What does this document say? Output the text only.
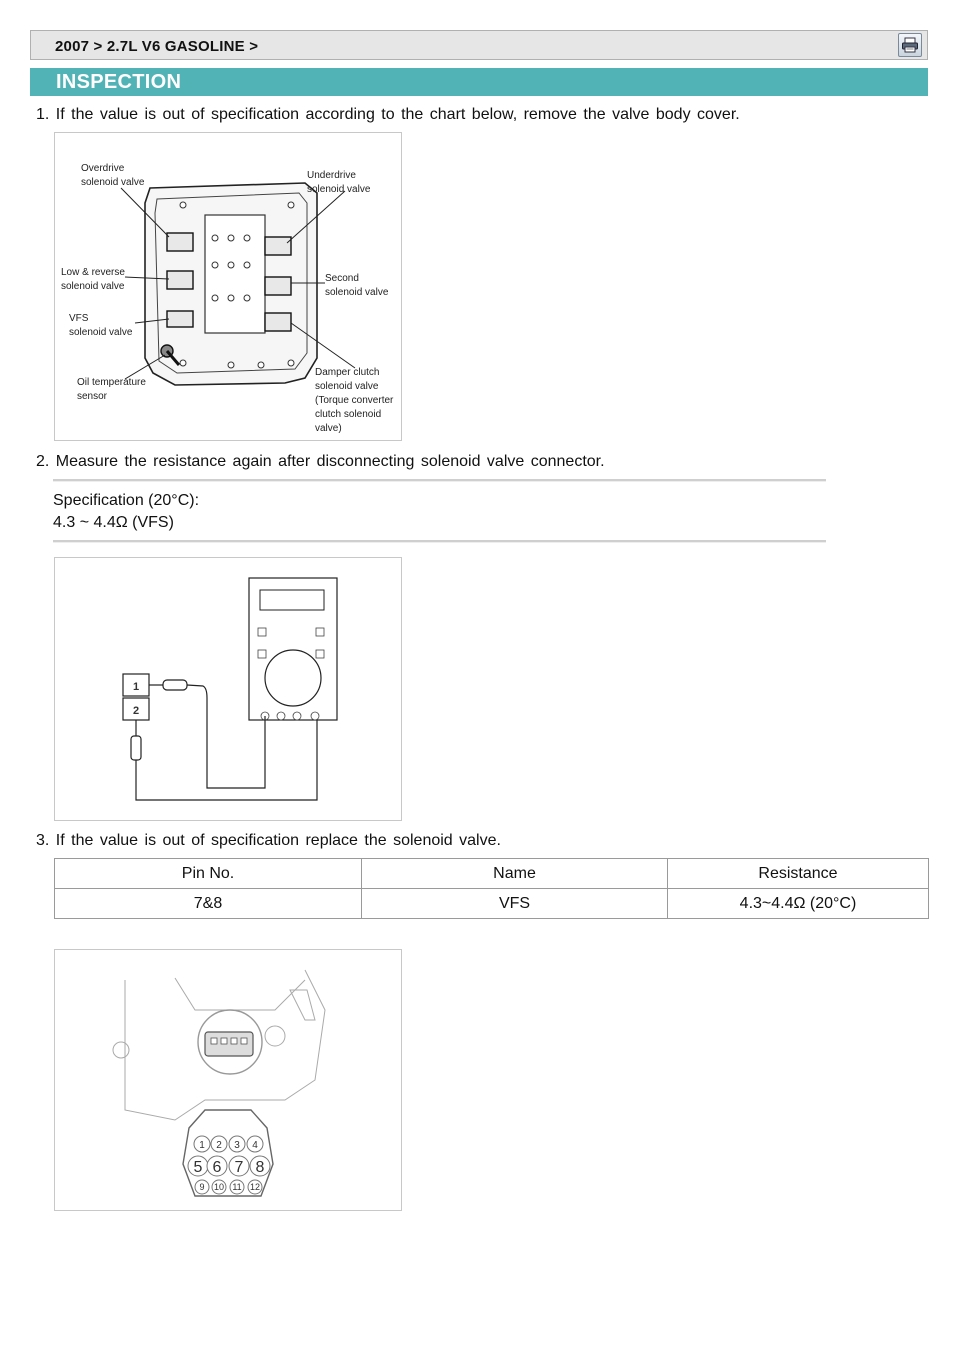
2007 > 2.7L V6 GASOLINE >
INSPECTION
1. If the value is out of specification according to the chart below, remove the valve body cover.
Overdrive
solenoid valve
Underdrive
solenoid valve
Low & reverse
solenoid valve
Second
solenoid valve
VFS
solenoid valve
Oil temperature
sensor
Damper clutch
solenoid valve
(Torque converter
clutch solenoid
valve)
2. Measure the resistance again after disconnecting solenoid valve connector.
Specification (20°C):
4.3 ~ 4.4Ω (VFS)
1
2
3. If the value is out of specification replace the solenoid valve.
Pin No.	Name	Resistance
7&8	VFS	4.3~4.4Ω (20°C)
1 2 3 4
5 6 7 8
9 10 11 12
